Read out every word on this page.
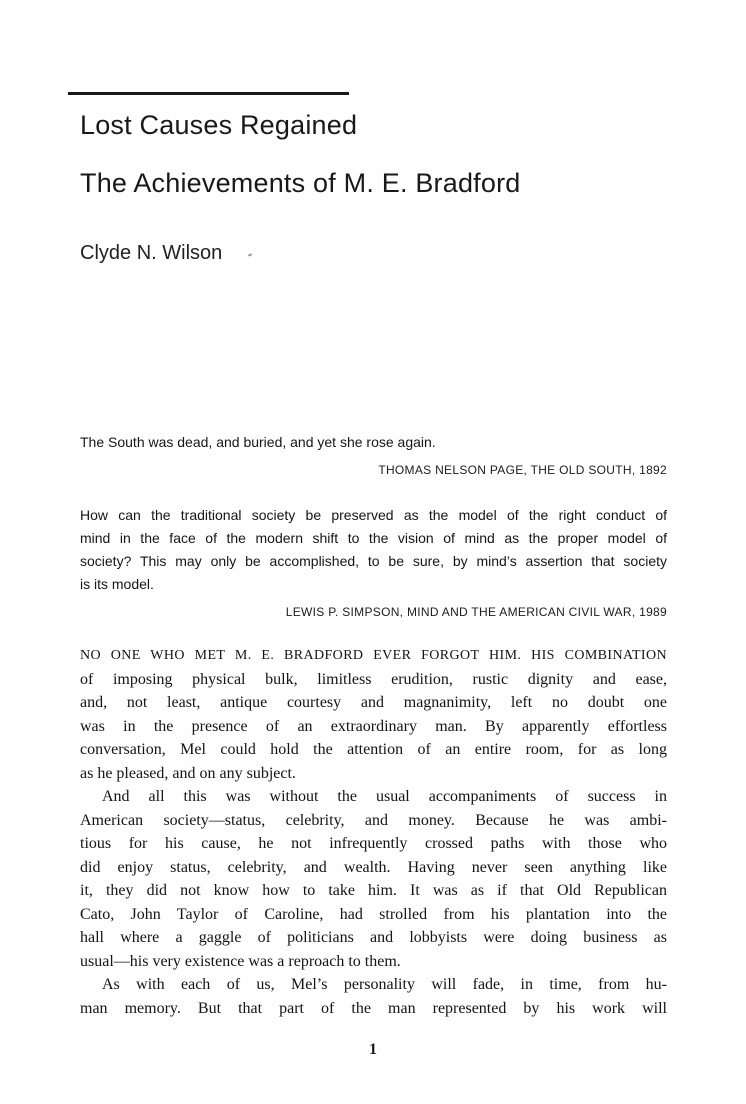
Lost Causes Regained
The Achievements of M. E. Bradford
Clyde N. Wilson
The South was dead, and buried, and yet she rose again.
THOMAS NELSON PAGE, THE OLD SOUTH, 1892
How can the traditional society be preserved as the model of the right conduct of
mind in the face of the modern shift to the vision of mind as the proper model of
society? This may only be accomplished, to be sure, by mind’s assertion that society
is its model.
LEWIS P. SIMPSON, MIND AND THE AMERICAN CIVIL WAR, 1989
NO ONE WHO MET M. E. BRADFORD EVER FORGOT HIM. HIS COMBINATION
of imposing physical bulk, limitless erudition, rustic dignity and ease,
and, not least, antique courtesy and magnanimity, left no doubt one
was in the presence of an extraordinary man. By apparently effortless
conversation, Mel could hold the attention of an entire room, for as long
as he pleased, and on any subject.
And all this was without the usual accompaniments of success in
American society—status, celebrity, and money. Because he was ambi-
tious for his cause, he not infrequently crossed paths with those who
did enjoy status, celebrity, and wealth. Having never seen anything like
it, they did not know how to take him. It was as if that Old Republican
Cato, John Taylor of Caroline, had strolled from his plantation into the
hall where a gaggle of politicians and lobbyists were doing business as
usual—his very existence was a reproach to them.
As with each of us, Mel’s personality will fade, in time, from hu-
man memory. But that part of the man represented by his work will
1
